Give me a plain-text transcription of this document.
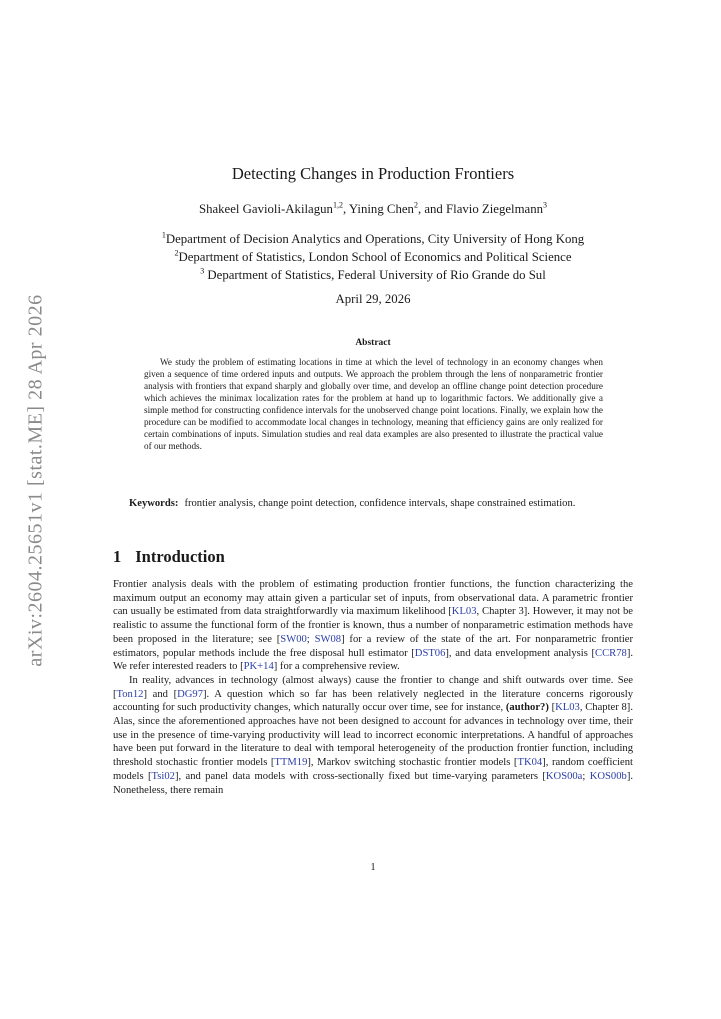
arXiv:2604.25651v1 [stat.ME] 28 Apr 2026
Detecting Changes in Production Frontiers
Shakeel Gavioli-Akilagun$^{1,2}$, Yining Chen$^2$, and Flavio Ziegelmann$^3$
$^1$Department of Decision Analytics and Operations, City University of Hong Kong
$^2$Department of Statistics, London School of Economics and Political Science
$^3$ Department of Statistics, Federal University of Rio Grande do Sul
April 29, 2026
Abstract
We study the problem of estimating locations in time at which the level of technology in an economy changes when given a sequence of time ordered inputs and outputs. We approach the problem through the lens of nonparametric frontier analysis with frontiers that expand sharply and globally over time, and develop an offline change point detection procedure which achieves the minimax localization rates for the problem at hand up to logarithmic factors. We additionally give a simple method for constructing confidence intervals for the unobserved change point locations. Finally, we explain how the procedure can be modified to accommodate local changes in technology, meaning that efficiency gains are only realized for certain combinations of inputs. Simulation studies and real data examples are also presented to illustrate the practical value of our methods.
Keywords: frontier analysis, change point detection, confidence intervals, shape constrained estimation.
1 Introduction

Frontier analysis deals with the problem of estimating production frontier functions, the function characterizing the maximum output an economy may attain given a particular set of inputs, from observational data. A parametric frontier can usually be estimated from data straightforwardly via maximum likelihood [KL03, Chapter 3]. However, it may not be realistic to assume the functional form of the frontier is known, thus a number of nonparametric estimation methods have been proposed in the literature; see [SW00; SW08] for a review of the state of the art. For nonparametric frontier estimators, popular methods include the free disposal hull estimator [DST06], and data envelopment analysis [CCR78]. We refer interested readers to [PK+14] for a comprehensive review.

In reality, advances in technology (almost always) cause the frontier to change and shift outwards over time. See [Ton12] and [DG97]. A question which so far has been relatively neglected in the literature concerns rigorously accounting for such productivity changes, which naturally occur over time, see for instance, (author?) [KL03, Chapter 8]. Alas, since the aforementioned approaches have not been designed to account for advances in technology over time, their use in the presence of time-varying productivity will lead to incorrect economic interpretations. A handful of approaches have been put forward in the literature to deal with temporal heterogeneity of the production frontier function, including threshold stochastic frontier models [TTM19], Markov switching stochastic frontier models [TK04], random coefficient models [Tsi02], and panel data models with cross-sectionally fixed but time-varying parameters [KOS00a; KOS00b]. Nonetheless, there remain

1
